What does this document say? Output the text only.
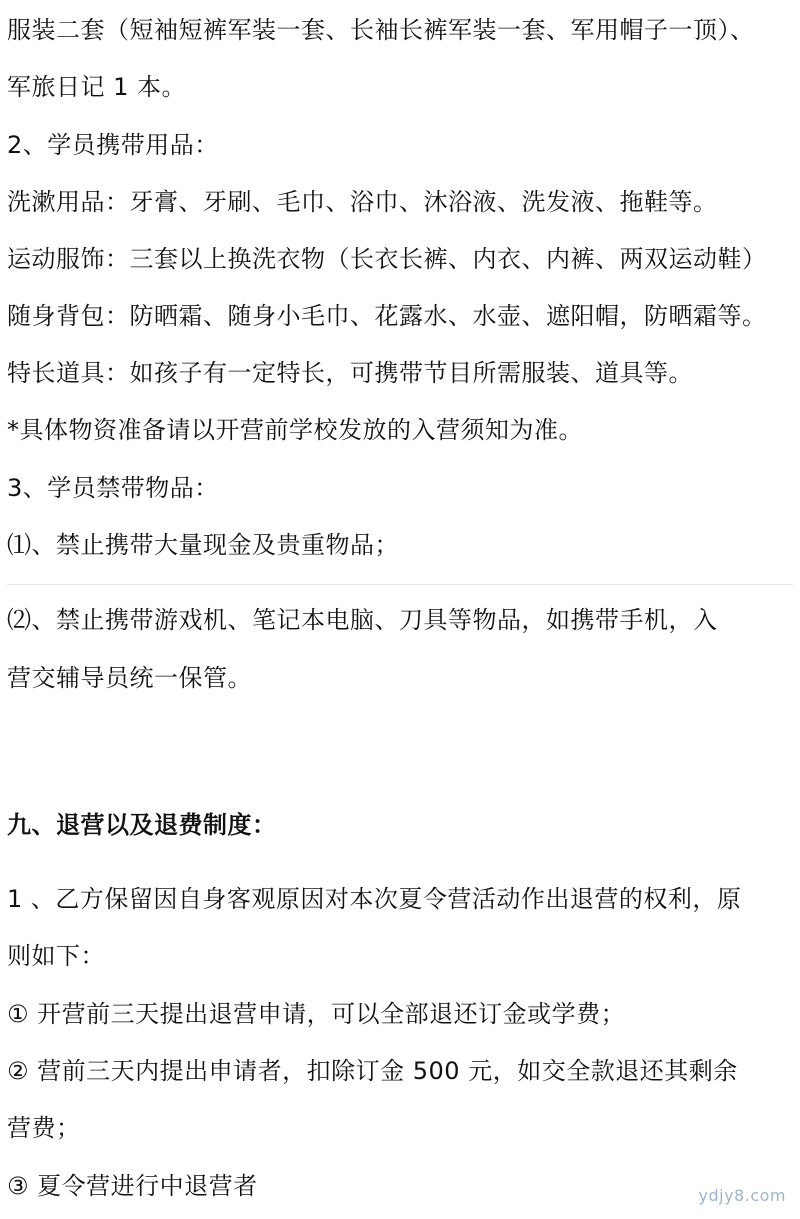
服装二套（短袖短裤军装一套、长袖长裤军装一套、军用帽子一顶）、
军旅日记 1 本。
2、学员携带用品：
洗漱用品：牙膏、牙刷、毛巾、浴巾、沐浴液、洗发液、拖鞋等。
运动服饰：三套以上换洗衣物（长衣长裤、内衣、内裤、两双运动鞋）
随身背包：防晒霜、随身小毛巾、花露水、水壶、遮阳帽，防晒霜等。
特长道具：如孩子有一定特长，可携带节目所需服装、道具等。
*具体物资准备请以开营前学校发放的入营须知为准。
3、学员禁带物品：
⑴、禁止携带大量现金及贵重物品；
⑵、禁止携带游戏机、笔记本电脑、刀具等物品，如携带手机，入
营交辅导员统一保管。
九、退营以及退费制度：
1 、乙方保留因自身客观原因对本次夏令营活动作出退营的权利，原
则如下：
① 开营前三天提出退营申请，可以全部退还订金或学费；
② 营前三天内提出申请者，扣除订金 500 元，如交全款退还其剩余
营费；
③ 夏令营进行中退营者	ydjy8.com
